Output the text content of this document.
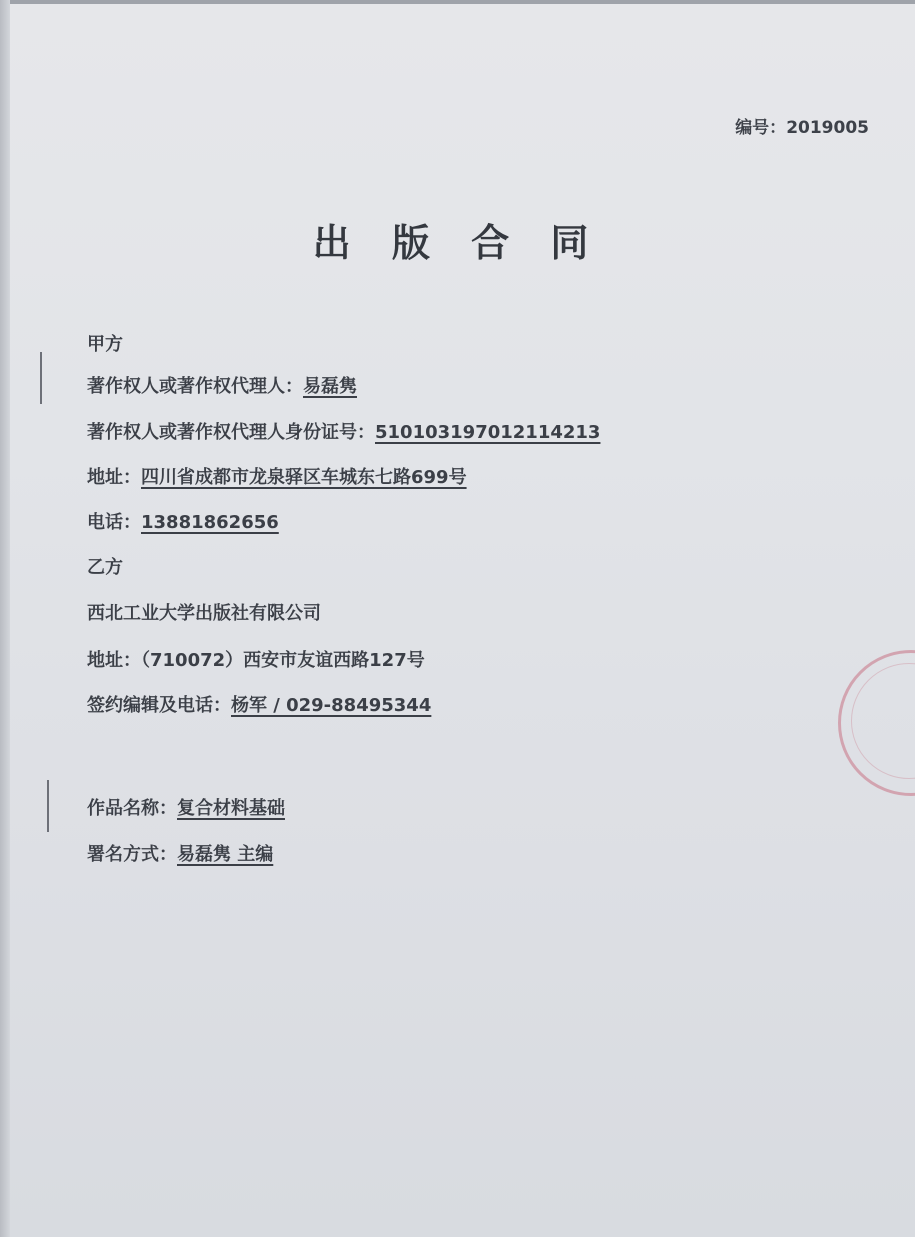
编号：2019005
出 版 合 同
甲方
著作权人或著作权代理人：易磊隽
著作权人或著作权代理人身份证号：510103197012114213
地址：四川省成都市龙泉驿区车城东七路699号
电话：13881862656
乙方
西北工业大学出版社有限公司
地址：（710072）西安市友谊西路127号
签约编辑及电话：杨军 / 029-88495344
作品名称：复合材料基础
署名方式：易磊隽 主编
